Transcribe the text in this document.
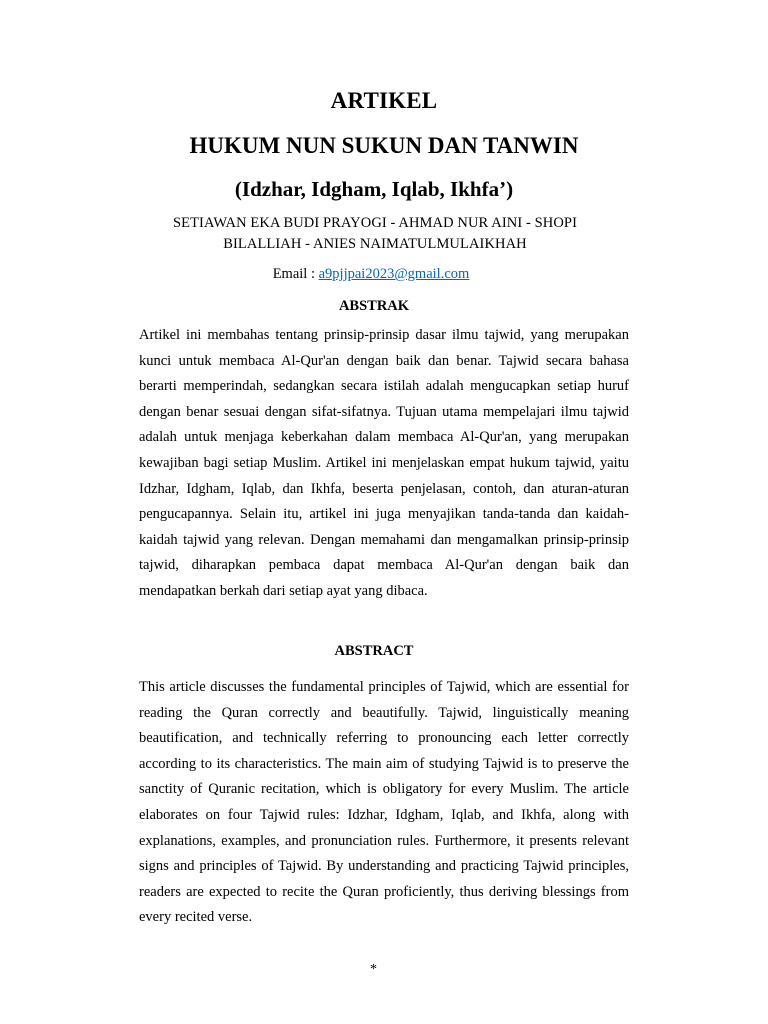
ARTIKEL
HUKUM NUN SUKUN DAN TANWIN
(Idzhar, Idgham, Iqlab, Ikhfa’)
SETIAWAN EKA BUDI PRAYOGI - AHMAD NUR AINI - SHOPI BILALLIAH - ANIES NAIMATULMULAIKHAH
Email : a9pjjpai2023@gmail.com
ABSTRAK
Artikel ini membahas tentang prinsip-prinsip dasar ilmu tajwid, yang merupakan kunci untuk membaca Al-Qur'an dengan baik dan benar. Tajwid secara bahasa berarti memperindah, sedangkan secara istilah adalah mengucapkan setiap huruf dengan benar sesuai dengan sifat-sifatnya. Tujuan utama mempelajari ilmu tajwid adalah untuk menjaga keberkahan dalam membaca Al-Qur'an, yang merupakan kewajiban bagi setiap Muslim. Artikel ini menjelaskan empat hukum tajwid, yaitu Idzhar, Idgham, Iqlab, dan Ikhfa, beserta penjelasan, contoh, dan aturan-aturan pengucapannya. Selain itu, artikel ini juga menyajikan tanda-tanda dan kaidah-kaidah tajwid yang relevan. Dengan memahami dan mengamalkan prinsip-prinsip tajwid, diharapkan pembaca dapat membaca Al-Qur'an dengan baik dan mendapatkan berkah dari setiap ayat yang dibaca.
ABSTRACT
This article discusses the fundamental principles of Tajwid, which are essential for reading the Quran correctly and beautifully. Tajwid, linguistically meaning beautification, and technically referring to pronouncing each letter correctly according to its characteristics. The main aim of studying Tajwid is to preserve the sanctity of Quranic recitation, which is obligatory for every Muslim. The article elaborates on four Tajwid rules: Idzhar, Idgham, Iqlab, and Ikhfa, along with explanations, examples, and pronunciation rules. Furthermore, it presents relevant signs and principles of Tajwid. By understanding and practicing Tajwid principles, readers are expected to recite the Quran proficiently, thus deriving blessings from every recited verse.
*
